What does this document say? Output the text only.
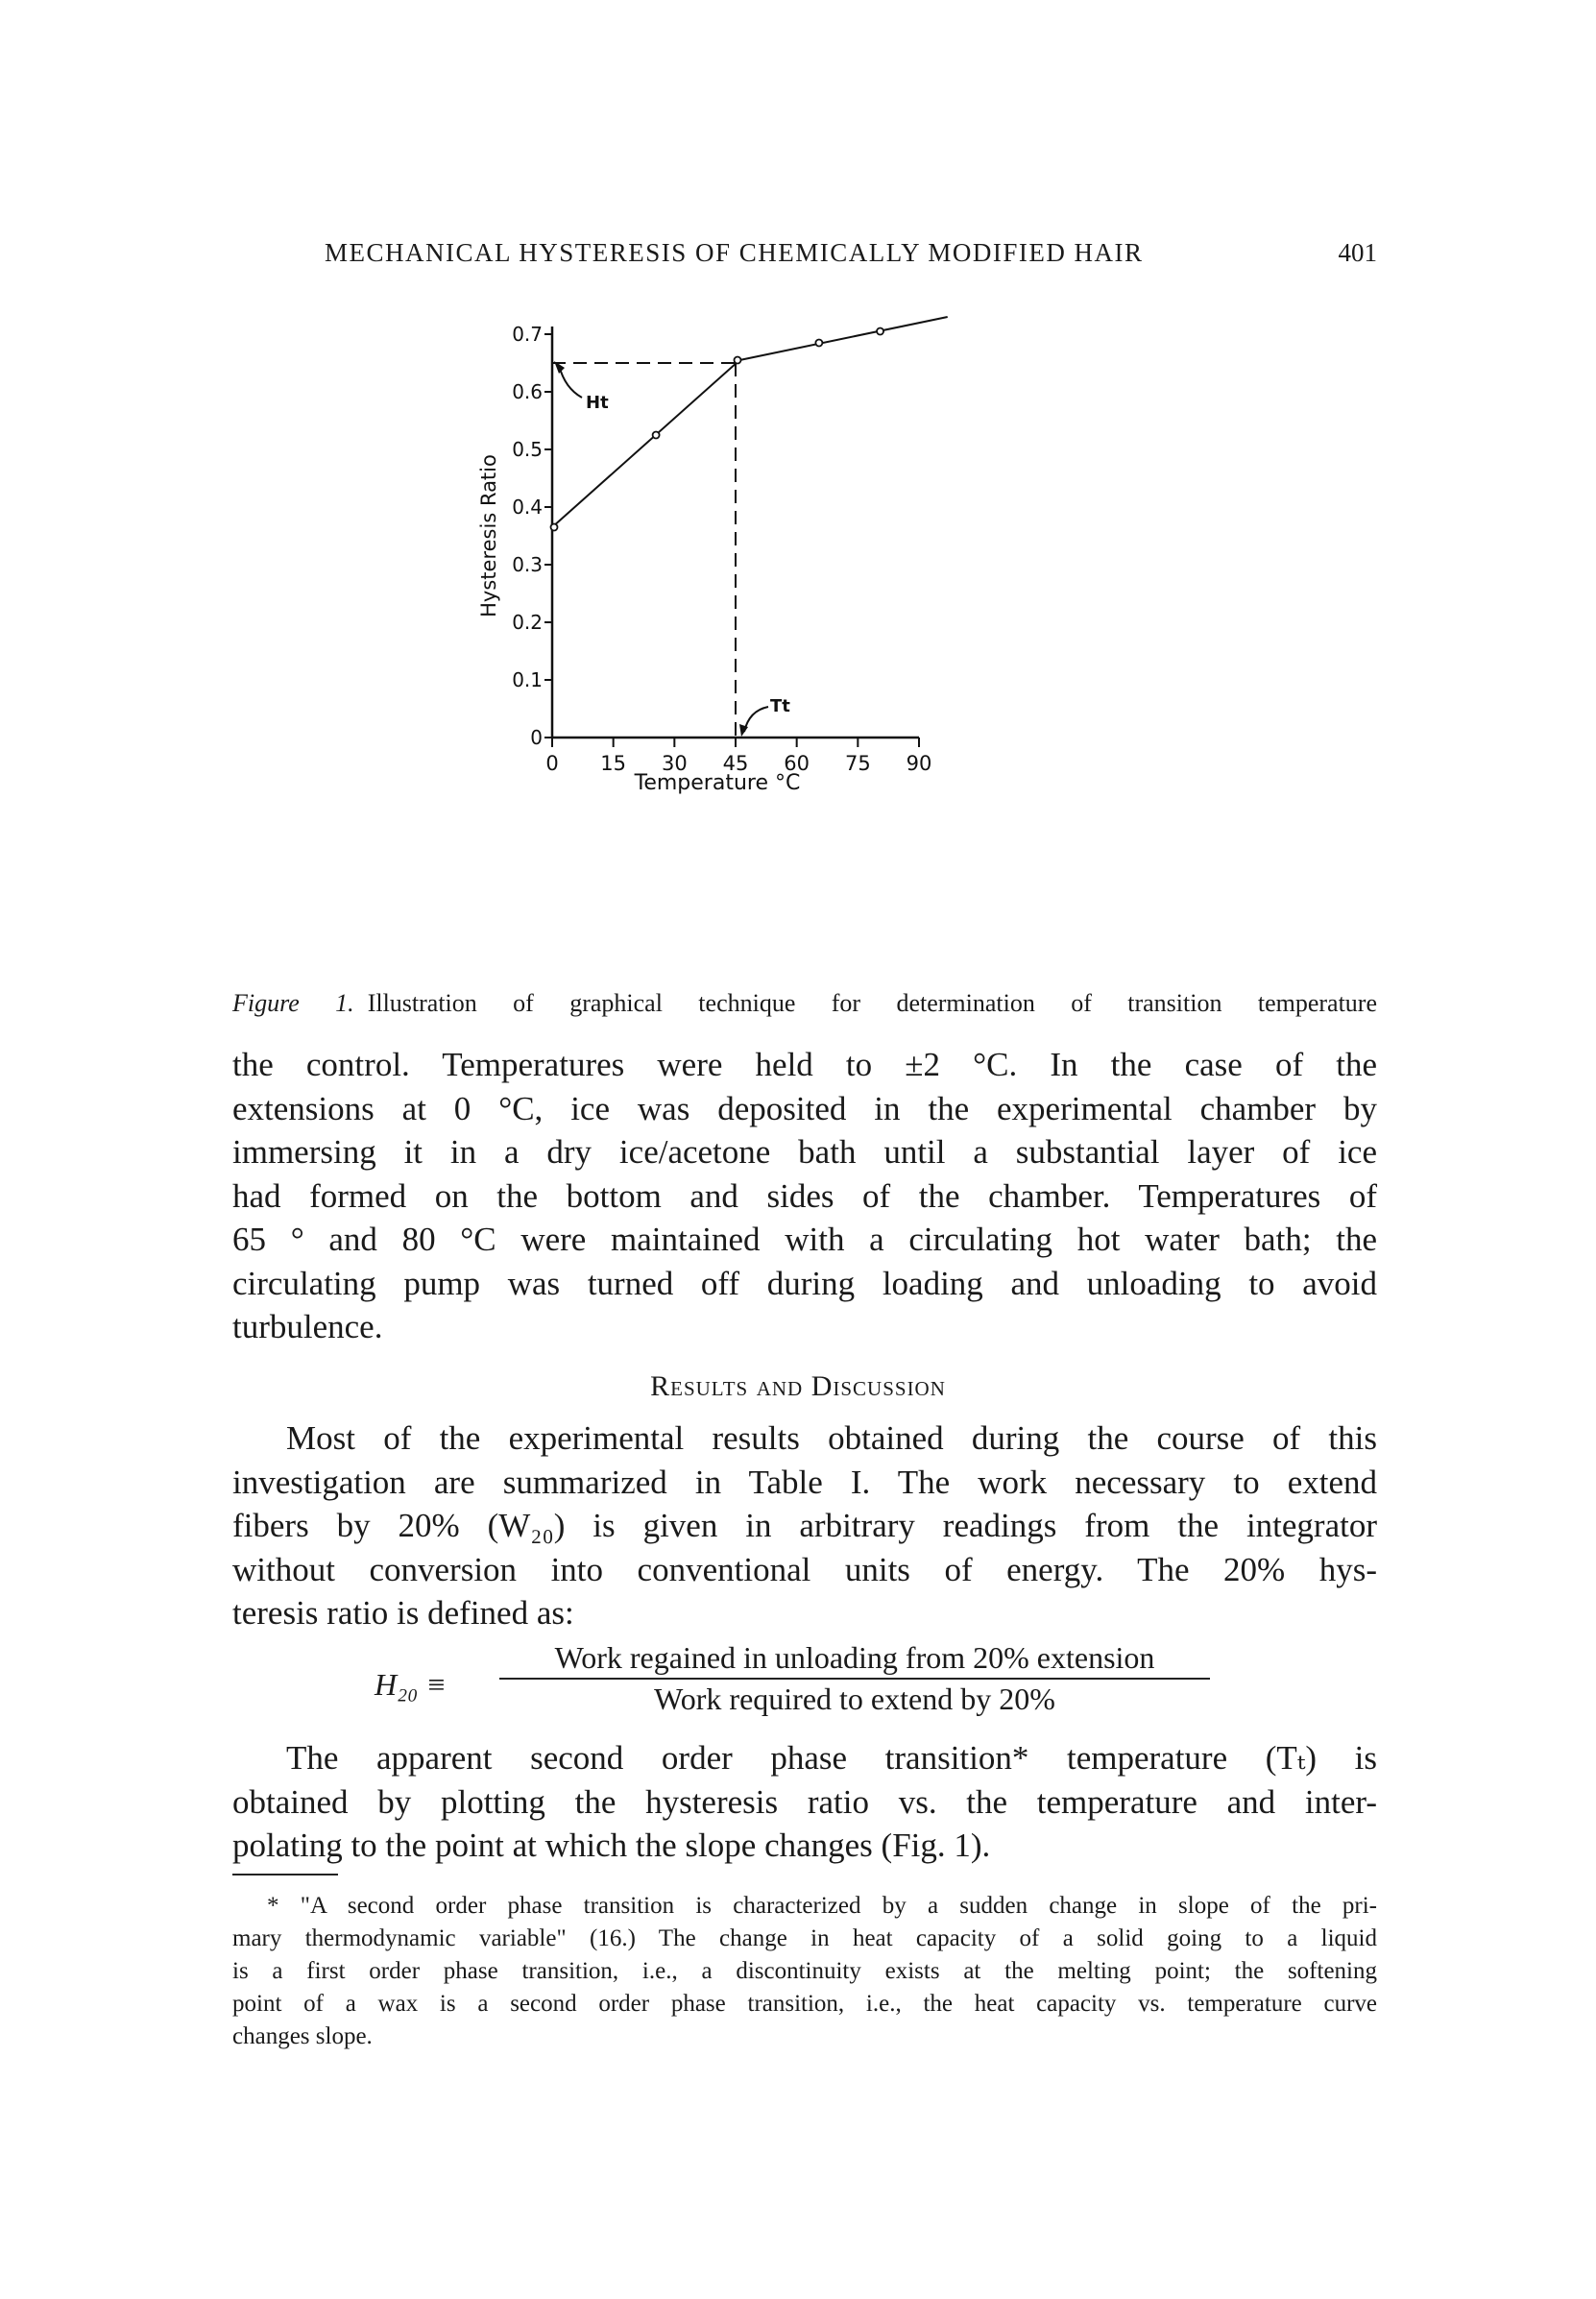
MECHANICAL HYSTERESIS OF CHEMICALLY MODIFIED HAIR	401
0 15 30 45 60 75 90
0
0.1
0.2
0.3
0.4
0.5
0.6
0.7
Hysteresis Ratio
Temperature °C
Ht
Tt
Figure 1. Illustration of graphical technique for determination of transition temperature
the control. Temperatures were held to ±2 °C. In the case of the
extensions at 0 °C, ice was deposited in the experimental chamber by
immersing it in a dry ice/acetone bath until a substantial layer of ice
had formed on the bottom and sides of the chamber. Temperatures of
65 ° and 80 °C were maintained with a circulating hot water bath; the
circulating pump was turned off during loading and unloading to avoid
turbulence.
Results and Discussion
Most of the experimental results obtained during the course of this
investigation are summarized in Table I. The work necessary to extend
fibers by 20% (W₂₀) is given in arbitrary readings from the integrator
without conversion into conventional units of energy. The 20% hys-
teresis ratio is defined as:
H₂₀ ≡
Work regained in unloading from 20% extension
Work required to extend by 20%
The apparent second order phase transition* temperature (Tₜ) is
obtained by plotting the hysteresis ratio vs. the temperature and inter-
polating to the point at which the slope changes (Fig. 1).
* "A second order phase transition is characterized by a sudden change in slope of the pri-
mary thermodynamic variable" (16.) The change in heat capacity of a solid going to a liquid
is a first order phase transition, i.e., a discontinuity exists at the melting point; the softening
point of a wax is a second order phase transition, i.e., the heat capacity vs. temperature curve
changes slope.
